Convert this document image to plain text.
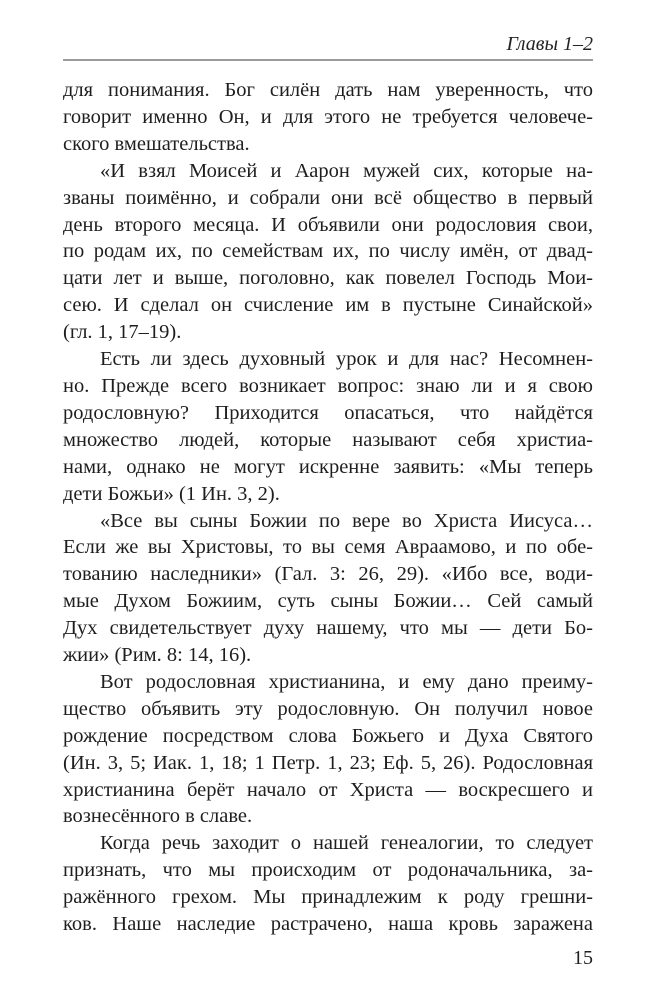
Главы 1–2
для понимания. Бог силён дать нам уверенность, что
говорит именно Он, и для этого не требуется человече-
ского вмешательства.
«И взял Моисей и Аарон мужей сих, которые на-
званы поимённо, и собрали они всё общество в первый
день второго месяца. И объявили они родословия свои,
по родам их, по семействам их, по числу имён, от двад-
цати лет и выше, поголовно, как повелел Господь Мои-
сею. И сделал он счисление им в пустыне Синайской»
(гл. 1, 17–19).
Есть ли здесь духовный урок и для нас? Несомнен-
но. Прежде всего возникает вопрос: знаю ли и я свою
родословную? Приходится опасаться, что найдётся
множество людей, которые называют себя христиа-
нами, однако не могут искренне заявить: «Мы теперь
дети Божьи» (1 Ин. 3, 2).
«Все вы сыны Божии по вере во Христа Иисуса…
Если же вы Христовы, то вы семя Авраамово, и по обе-
тованию наследники» (Гал. 3: 26, 29). «Ибо все, води-
мые Духом Божиим, суть сыны Божии… Сей самый
Дух свидетельствует духу нашему, что мы — дети Бо-
жии» (Рим. 8: 14, 16).
Вот родословная христианина, и ему дано преиму-
щество объявить эту родословную. Он получил новое
рождение посредством слова Божьего и Духа Святого
(Ин. 3, 5; Иак. 1, 18; 1 Петр. 1, 23; Еф. 5, 26). Родословная
христианина берёт начало от Христа — воскресшего и
вознесённого в славе.
Когда речь заходит о нашей генеалогии, то следует
признать, что мы происходим от родоначальника, за-
ражённого грехом. Мы принадлежим к роду грешни-
ков. Наше наследие растрачено, наша кровь заражена
15
